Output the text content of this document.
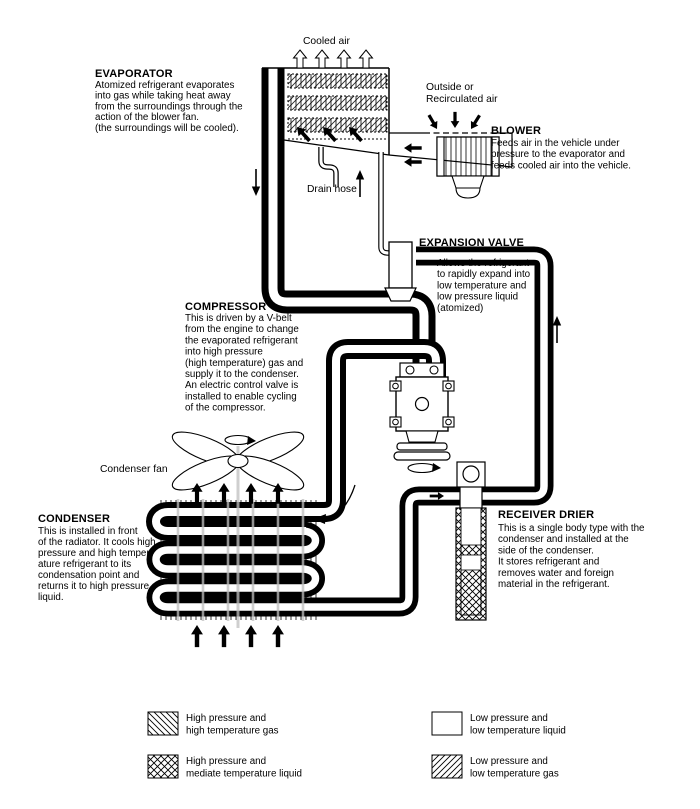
Cooled air
Outside or Recirculated air
Drain hose
Condenser fan
EVAPORATOR
Atomized refrigerant evaporates into gas while taking heat away from the surroundings through the action of the blower fan. (the surroundings will be cooled).	BLOWER
Feeds air in the vehicle under pressure to the evaporator and feeds cooled air into the vehicle.
EXPANSION VALVE
Allows the refrigerant to rapidly expand into low temperature and low pressure liquid (atomized)
COMPRESSOR
This is driven by a V-belt from the engine to change the evaporated refrigerant into high pressure (high temperature) gas and supply it to the condenser. An electric control valve is installed to enable cycling of the compressor.
CONDENSER
This is installed in front of the radiator. It cools high pressure and high temper-ature refrigerant to its condensation point and returns it to high pressure liquid.
RECEIVER DRIER
This is a single body type with the condenser and installed at the side of the condenser. It stores refrigerant and removes water and foreign material in the refrigerant.
High pressure and high temperature gas
High pressure and mediate temperature liquid
Low pressure and low temperature liquid
Low pressure and low temperature gas
